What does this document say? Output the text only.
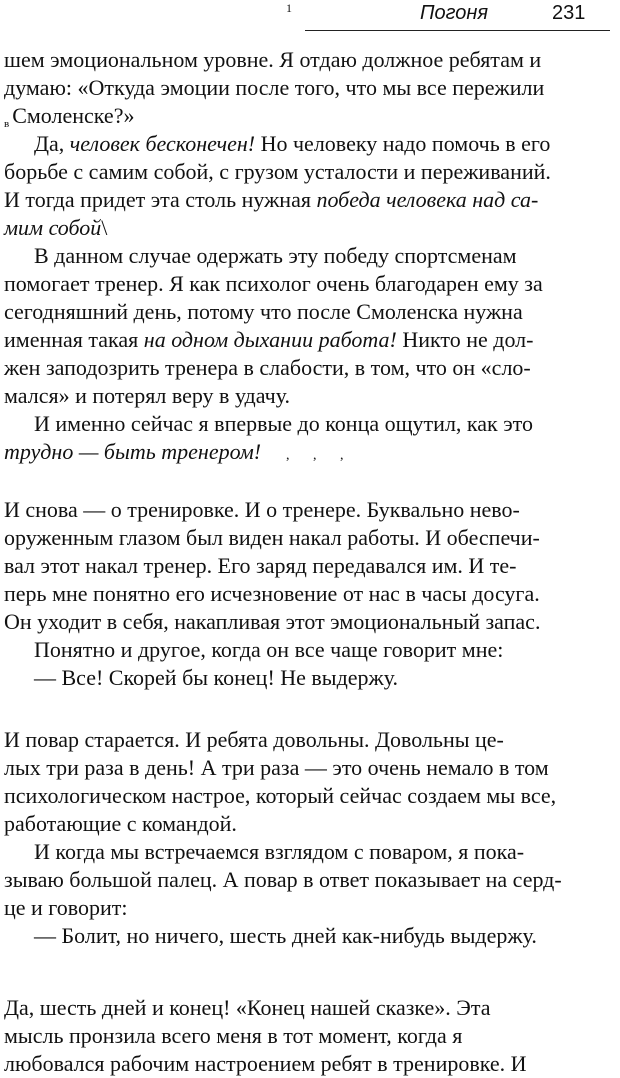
1	Погоня	231
шем эмоциональном уровне. Я отдаю должное ребятам и
думаю: «Откуда эмоции после того, что мы все пережили
$_в$ Смоленске?»
Да, человек бесконечен! Но человеку надо помочь в его
борьбе с самим собой, с грузом усталости и переживаний.
И тогда придет эта столь нужная победа человека над са-
мим собой\
В данном случае одержать эту победу спортсменам
помогает тренер. Я как психолог очень благодарен ему за
сегодняшний день, потому что после Смоленска нужна
именная такая на одном дыхании работа! Никто не дол-
жен заподозрить тренера в слабости, в том, что он «сло-
мался» и потерял веру в удачу.
И именно сейчас я впервые до конца ощутил, как это
трудно — быть тренером!
И снова — о тренировке. И о тренере. Буквально нево-
оруженным глазом был виден накал работы. И обеспечи-
вал этот накал тренер. Его заряд передавался им. И те-
перь мне понятно его исчезновение от нас в часы досуга.
Он уходит в себя, накапливая этот эмоциональный запас.
Понятно и другое, когда он все чаще говорит мне:
— Все! Скорей бы конец! Не выдержу.
И повар старается. И ребята довольны. Довольны це-
лых три раза в день! А три раза — это очень немало в том
психологическом настрое, который сейчас создаем мы все,
работающие с командой.
И когда мы встречаемся взглядом с поваром, я пока-
зываю большой палец. А повар в ответ показывает на серд-
це и говорит:
— Болит, но ничего, шесть дней как-нибудь выдержу.
Да, шесть дней и конец! «Конец нашей сказке». Эта
мысль пронзила всего меня в тот момент, когда я
любовался рабочим настроением ребят в тренировке. И
, , ,
